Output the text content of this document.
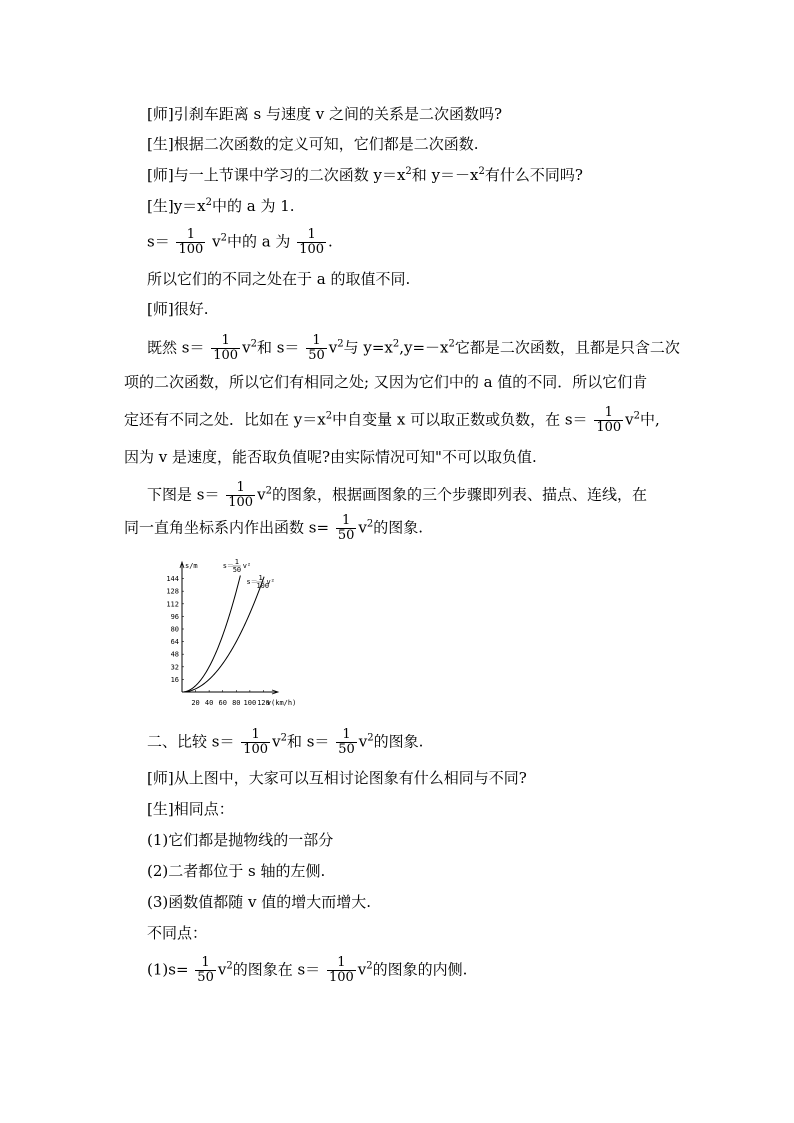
[师]引刹车距离 s 与速度 v 之间的关系是二次函数吗?
[生]根据二次函数的定义可知，它们都是二次函数.
[师]与一上节课中学习的二次函数 $y=x^2$和 $y=-x^2$有什么不同吗?
[生]$y=x^2$中的 a 为 1.
$s= \frac{1}{100} v^2$中的 a 为 $\frac{1}{100}$ .
所以它们的不同之处在于 a 的取值不同.
[师]很好.
既然 $s= \frac{1}{100} v^2$和 $s= \frac{1}{50} v^2$与 $y=x^2,y=-x^2$它都是二次函数，且都是只含二次
项的二次函数，所以它们有相同之处; 又因为它们中的 a 值的不同．所以它们肯
定还有不同之处．比如在 $y=x^2$中自变量 x 可以取正数或负数，在 $s= \frac{1}{100} v^2$中,
因为 v 是速度，能否取负值呢?由实际情况可知"不可以取负值.
下图是 $s= \frac{1}{100} v^2$的图象，根据画图象的三个步骤即列表、描点、连线，在
同一直角坐标系内作出函数 $s= \frac{1}{50} v^2$的图象.
s/m
v(km/h)
16
32
48
64
80
96
112
128
144
20 40 60 80 100 120
s＝ 1
50 v²
s＝ 1
100
v²
二、比较 $s= \frac{1}{100} v^2$和 $s= \frac{1}{50} v^2$的图象.
[师]从上图中，大家可以互相讨论图象有什么相同与不同?
[生]相同点：
(1)它们都是抛物线的一部分
(2)二者都位于 s 轴的左侧.
(3)函数值都随 v 值的增大而增大.
不同点：
$(1)s= \frac{1}{50} v^2$的图象在 $s= \frac{1}{100} v^2$的图象的内侧.
